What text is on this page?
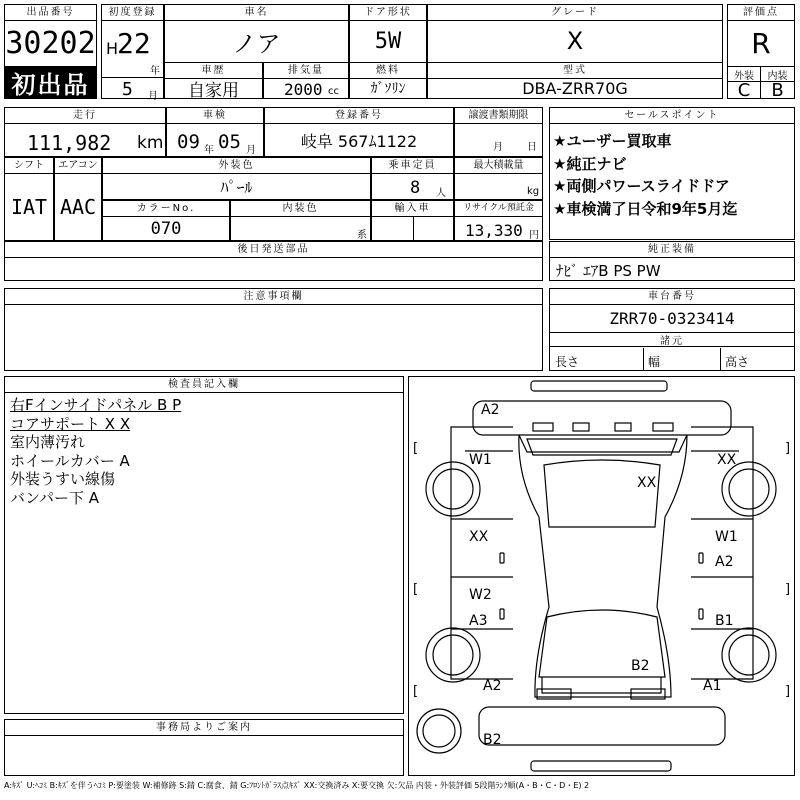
出品番号
30202
初出品
初度登録
H
22
年
5 月
車名
ノア
ドア形状
5W
グレード
X
評価点
R
外装	内装
C	B
車歴
自家用
排気量
2000 cc
燃料
ｶﾞｿﾘﾝ
型式
DBA-ZRR70G
走行
111,982 km
車検
09 年 05 月
登録番号
岐阜 567ﾑ1122
譲渡書類期限
月 日
セールスポイント
★ユーザー買取車
★純正ナビ
★両側パワースライドドア
★車検満了日令和9年5月迄
シフト
IAT
エアコン
AAC
外装色
ﾊﾟｰﾙ
乗車定員
8 人
最大積載量
kg
カラーNo.
070
内装色
系
輸入車	リサイクル預託金
13,330 円
後日発送部品	純正装備
ﾅﾋﾞ ｴｱB PS PW
注意事項欄	車台番号
ZRR70-0323414
諸元
長さ	幅	高さ
検査員記入欄
右Fインサイドパネル B P
コアサポート X X
室内薄汚れ
ホイールカバー A
外装うすい線傷
バンパー下 A
事務局よりご案内
A2
W1
XX
XX
XX
W1
A2
W2
A3	B1
B2
A2	A1
B2
[	]
[	]
[	]
A:ｷｽﾞ U:ﾍｺﾐ B:ｷｽﾞを伴うﾍｺﾐ P:要塗装 W:補修跡 S:錆 C:腐食、錆 G:ﾌﾛﾝﾄｶﾞﾗｽ点ｷｽﾞ XX:交換済み X:要交換 欠:欠品 内装・外装評価 5段階ﾗﾝｸ順(A・B・C・D・E) 2
